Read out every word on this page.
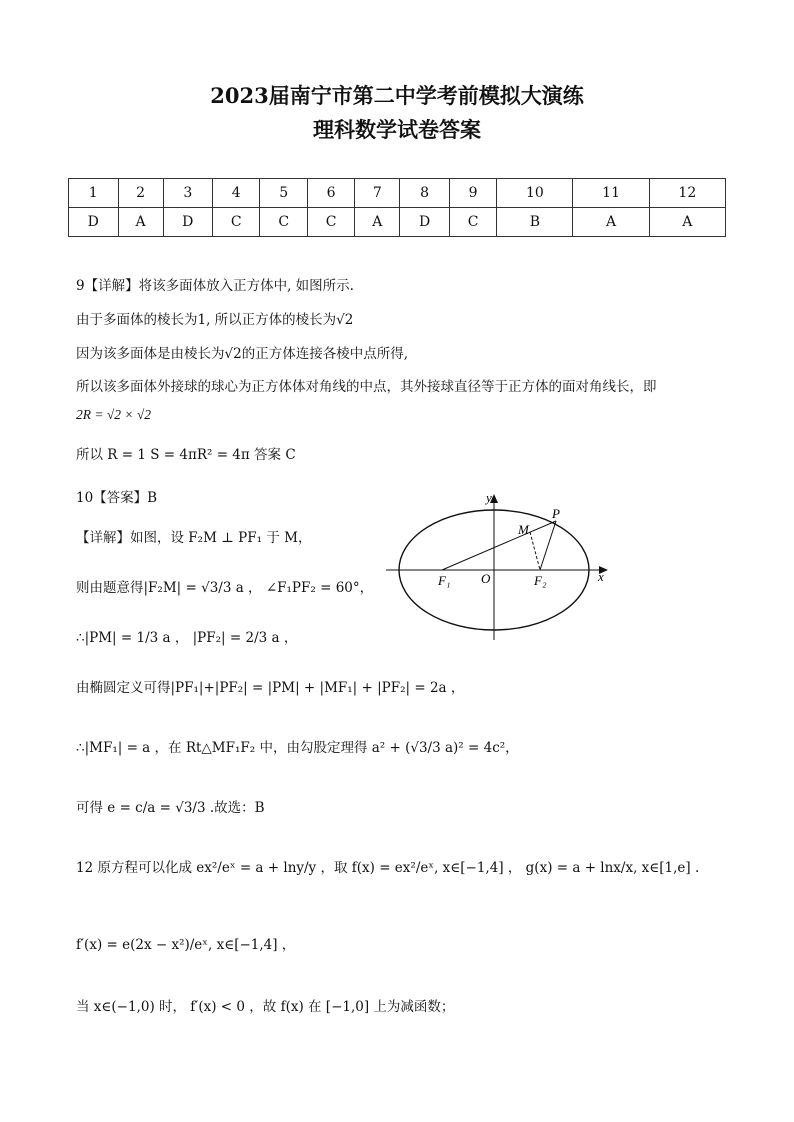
2023届南宁市第二中学考前模拟大演练
理科数学试卷答案
1	2	3	4	5	6	7	8	9	10	11	12
D	A	D	C	C	C	A	D	C	B	A	A
9【详解】将该多面体放入正方体中, 如图所示.
由于多面体的棱长为1, 所以正方体的棱长为√2
因为该多面体是由棱长为√2的正方体连接各棱中点所得,
所以该多面体外接球的球心为正方体体对角线的中点，其外接球直径等于正方体的面对角线长，即
2R = √2 × √2
所以 R = 1 S = 4πR² = 4π 答案 C
10【答案】B
【详解】如图，设 F₂M ⊥ PF₁ 于 M，
则由题意得|F₂M| = √3/3 a ， ∠F₁PF₂ = 60°，
∴|PM| = 1/3 a ， |PF₂| = 2/3 a ，
由椭圆定义可得|PF₁|+|PF₂| = |PM| + |MF₁| + |PF₂| = 2a ，
∴|MF₁| = a ，在 Rt△MF₁F₂ 中，由勾股定理得 a² + (√3/3 a)² = 4c²，
可得 e = c/a = √3/3 .故选：B
y
x
O
F₁	F₂
M
P
12 原方程可以化成 ex²/eˣ = a + lny/y ，取 f(x) = ex²/eˣ, x∈[−1,4] ， g(x) = a + lnx/x, x∈[1,e] .
f′(x) = e(2x − x²)/eˣ, x∈[−1,4] ，
当 x∈(−1,0) 时， f′(x) < 0 ，故 f(x) 在 [−1,0] 上为减函数；
